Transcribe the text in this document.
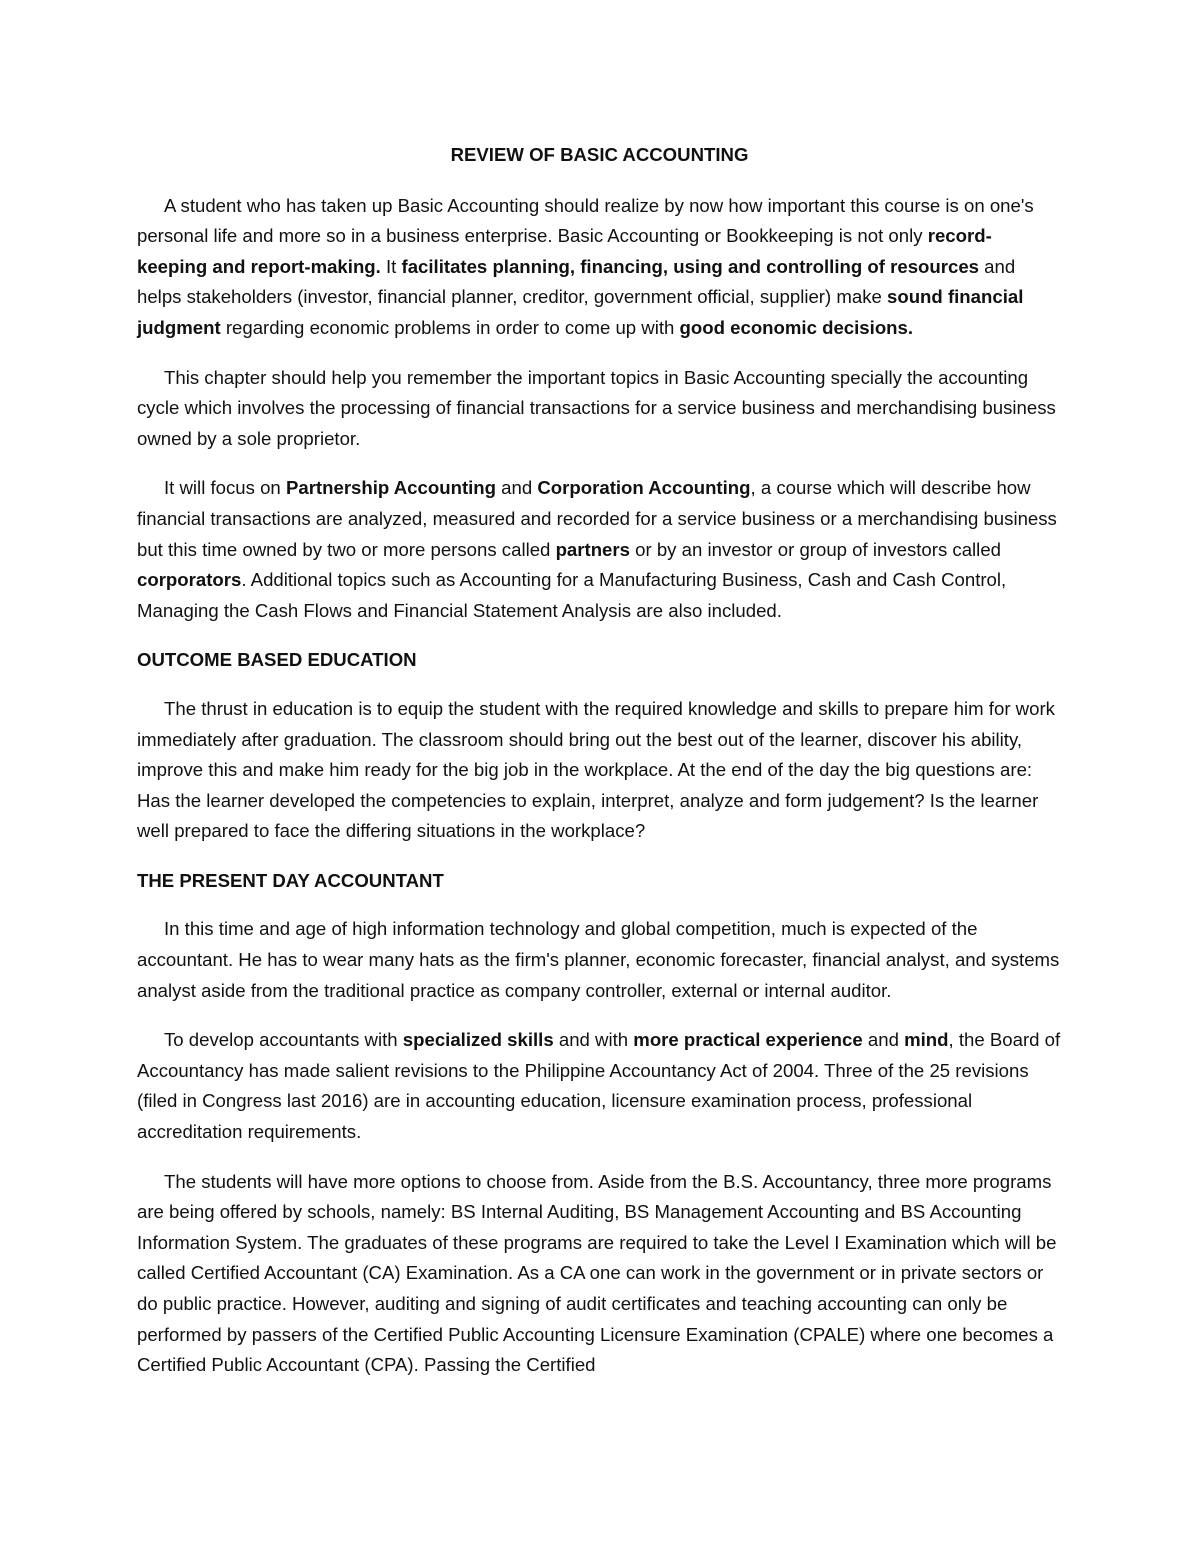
REVIEW OF BASIC ACCOUNTING

A student who has taken up Basic Accounting should realize by now how important this course is on one's personal life and more so in a business enterprise. Basic Accounting or Bookkeeping is not only record-keeping and report-making. It facilitates planning, financing, using and controlling of resources and helps stakeholders (investor, financial planner, creditor, government official, supplier) make sound financial judgment regarding economic problems in order to come up with good economic decisions.

This chapter should help you remember the important topics in Basic Accounting specially the accounting cycle which involves the processing of financial transactions for a service business and merchandising business owned by a sole proprietor.

It will focus on Partnership Accounting and Corporation Accounting, a course which will describe how financial transactions are analyzed, measured and recorded for a service business or a merchandising business but this time owned by two or more persons called partners or by an investor or group of investors called corporators. Additional topics such as Accounting for a Manufacturing Business, Cash and Cash Control, Managing the Cash Flows and Financial Statement Analysis are also included.

OUTCOME BASED EDUCATION

The thrust in education is to equip the student with the required knowledge and skills to prepare him for work immediately after graduation. The classroom should bring out the best out of the learner, discover his ability, improve this and make him ready for the big job in the workplace. At the end of the day the big questions are: Has the learner developed the competencies to explain, interpret, analyze and form judgement? Is the learner well prepared to face the differing situations in the workplace?

THE PRESENT DAY ACCOUNTANT

In this time and age of high information technology and global competition, much is expected of the accountant. He has to wear many hats as the firm's planner, economic forecaster, financial analyst, and systems analyst aside from the traditional practice as company controller, external or internal auditor.

To develop accountants with specialized skills and with more practical experience and mind, the Board of Accountancy has made salient revisions to the Philippine Accountancy Act of 2004. Three of the 25 revisions (filed in Congress last 2016) are in accounting education, licensure examination process, professional accreditation requirements.

The students will have more options to choose from. Aside from the B.S. Accountancy, three more programs are being offered by schools, namely: BS Internal Auditing, BS Management Accounting and BS Accounting Information System. The graduates of these programs are required to take the Level I Examination which will be called Certified Accountant (CA) Examination. As a CA one can work in the government or in private sectors or do public practice. However, auditing and signing of audit certificates and teaching accounting can only be performed by passers of the Certified Public Accounting Licensure Examination (CPALE) where one becomes a Certified Public Accountant (CPA). Passing the Certified
